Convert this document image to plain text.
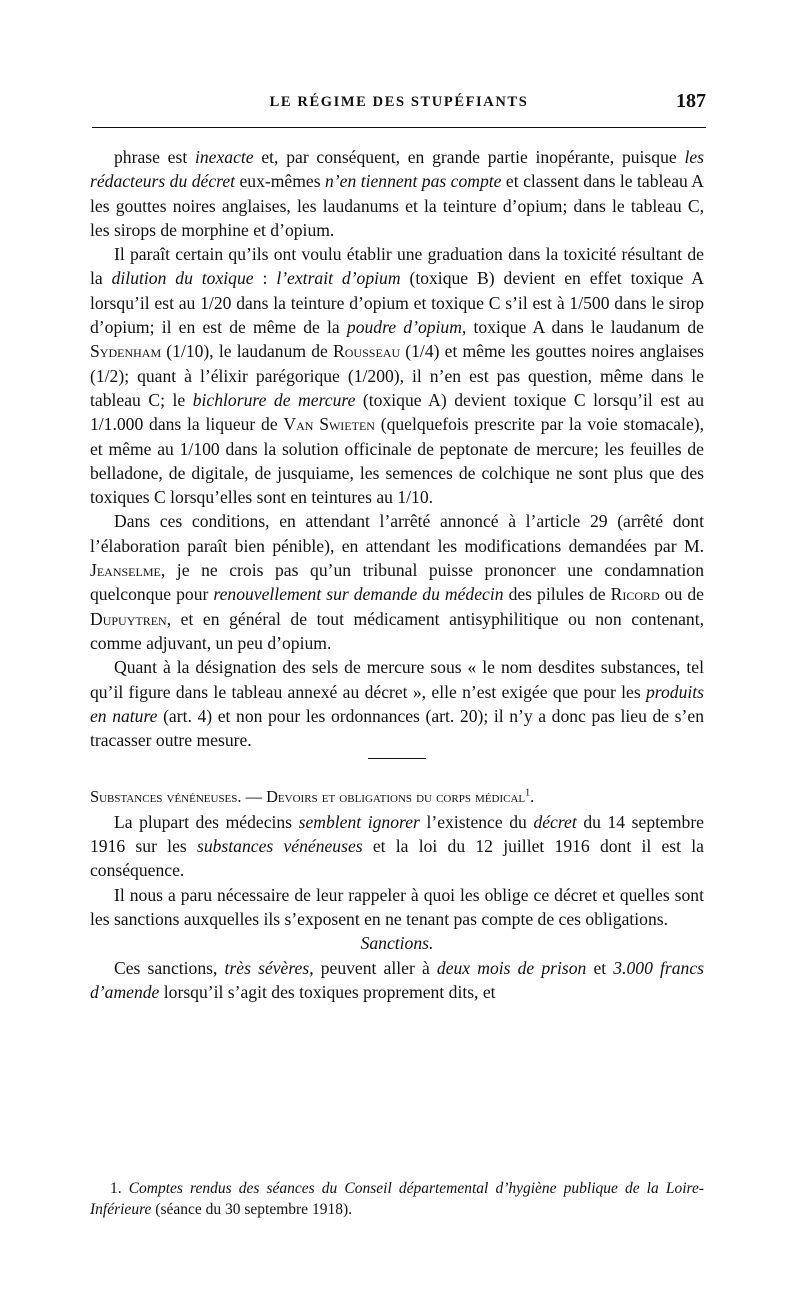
LE RÉGIME DES STUPÉFIANTS	187

phrase est inexacte et, par conséquent, en grande partie inopérante, puisque les rédacteurs du décret eux-mêmes n’en tiennent pas compte et classent dans le tableau A les gouttes noires anglaises, les laudanums et la teinture d’opium; dans le tableau C, les sirops de morphine et d’opium.

Il paraît certain qu’ils ont voulu établir une graduation dans la toxicité résultant de la dilution du toxique : l’extrait d’opium (toxique B) devient en effet toxique A lorsqu’il est au 1/20 dans la teinture d’opium et toxique C s’il est à 1/500 dans le sirop d’opium; il en est de même de la poudre d’opium, toxique A dans le laudanum de Sydenham (1/10), le laudanum de Rousseau (1/4) et même les gouttes noires anglaises (1/2); quant à l’élixir parégorique (1/200), il n’en est pas question, même dans le tableau C; le bichlorure de mercure (toxique A) devient toxique C lorsqu’il est au 1/1.000 dans la liqueur de Van Swieten (quelquefois prescrite par la voie stomacale), et même au 1/100 dans la solution officinale de peptonate de mercure; les feuilles de belladone, de digitale, de jusquiame, les semences de colchique ne sont plus que des toxiques C lorsqu’elles sont en teintures au 1/10.

Dans ces conditions, en attendant l’arrêté annoncé à l’article 29 (arrêté dont l’élaboration paraît bien pénible), en attendant les modifications demandées par M. Jeanselme, je ne crois pas qu’un tribunal puisse prononcer une condamnation quelconque pour renouvellement sur demande du médecin des pilules de Ricord ou de Dupuytren, et en général de tout médicament antisyphilitique ou non contenant, comme adjuvant, un peu d’opium.

Quant à la désignation des sels de mercure sous « le nom desdites substances, tel qu’il figure dans le tableau annexé au décret », elle n’est exigée que pour les produits en nature (art. 4) et non pour les ordonnances (art. 20); il n’y a donc pas lieu de s’en tracasser outre mesure.

Substances vénéneuses. — Devoirs et obligations du corps médical$^1$.

La plupart des médecins semblent ignorer l’existence du décret du 14 septembre 1916 sur les substances vénéneuses et la loi du 12 juillet 1916 dont il est la conséquence.

Il nous a paru nécessaire de leur rappeler à quoi les oblige ce décret et quelles sont les sanctions auxquelles ils s’exposent en ne tenant pas compte de ces obligations.

Sanctions.

Ces sanctions, très sévères, peuvent aller à deux mois de prison et 3.000 francs d’amende lorsqu’il s’agit des toxiques proprement dits, et

1. Comptes rendus des séances du Conseil départemental d’hygiène publique de la Loire-Inférieure (séance du 30 septembre 1918).
